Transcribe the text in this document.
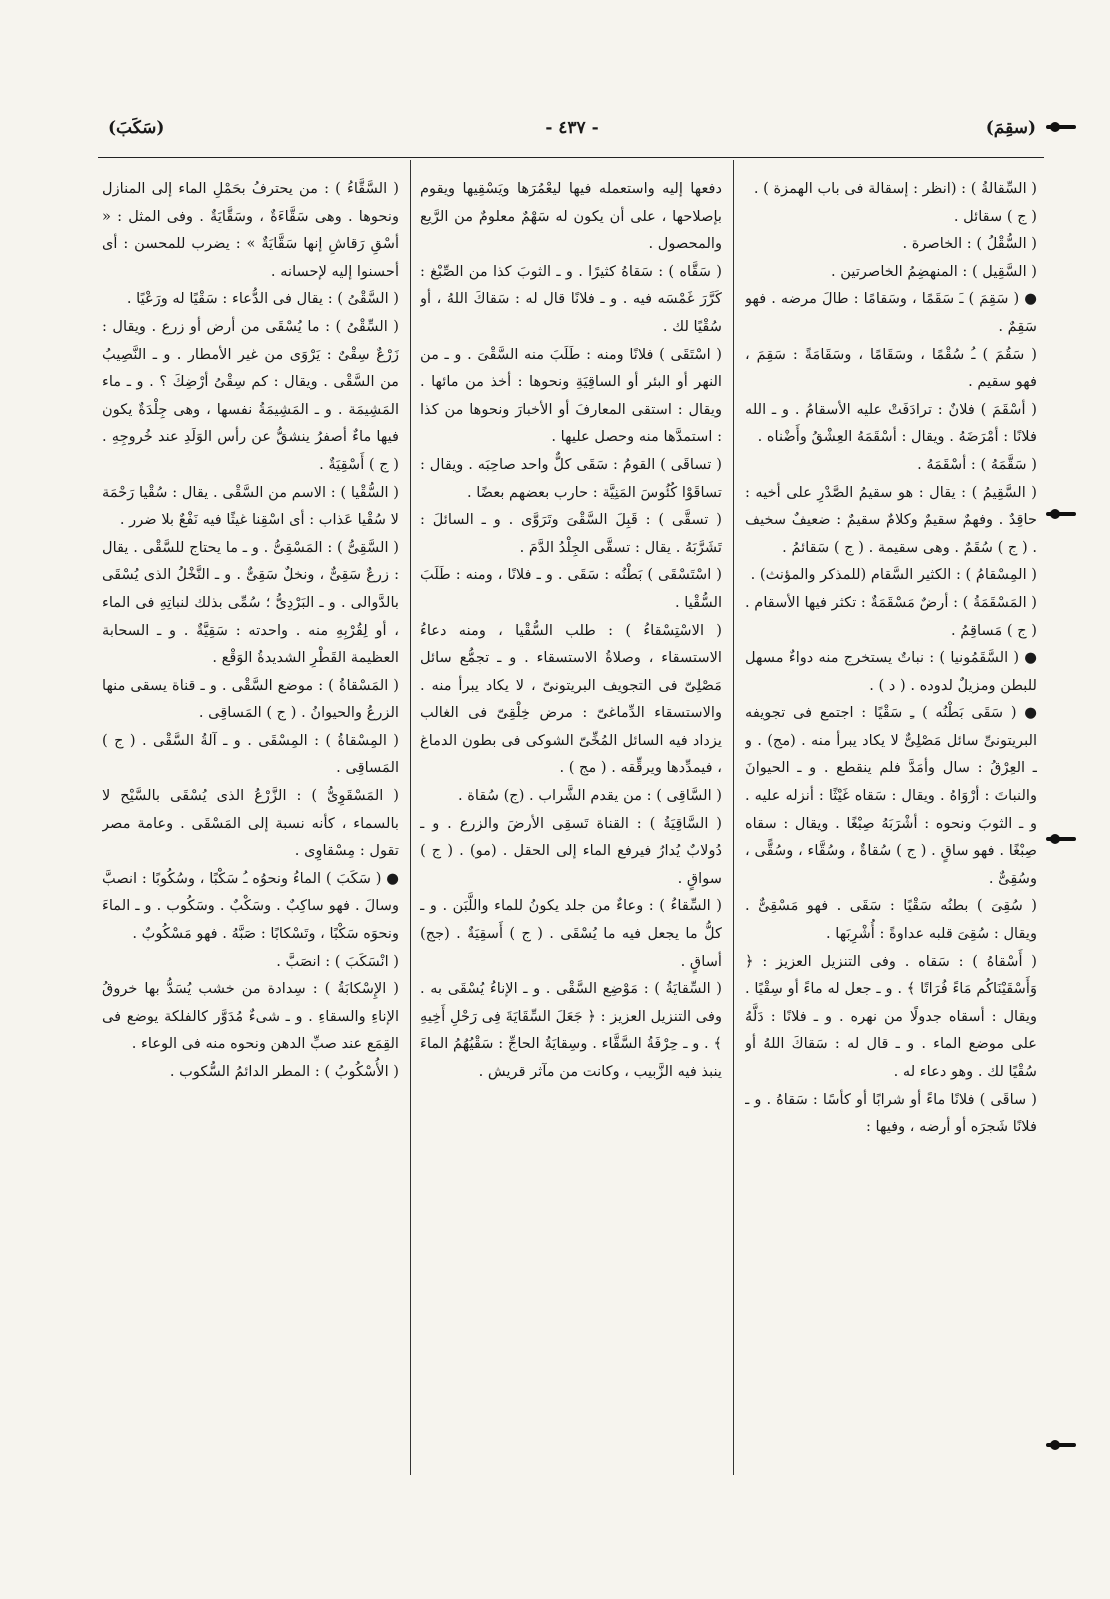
(سقِمَ)
- ٤٣٧ -
(سَكَبَ)

( السِّقالةُ ) : (انظر : إسقالة فى باب الهمزة ) .

( ج ) سقائل .

( السُّقْلُ ) : الخاصرة .

( السَّقِيل ) : المنهضِمُ الخاصرتين .

● ( سَقِمَ ) ـَ سَقَمًا ، وسَقامًا : طالَ مرضه . فهو سَقِمٌ .

( سَقُمَ ) ـُ سُقْمًا ، وسَقَامًا ، وسَقَامَةً : سَقِمَ ، فهو سقيم .

( أسْقَمَ ) فلانٌ : ترادَفَتْ عليه الأسقامُ . و ـ الله فلانًا : أمْرَضَهُ . ويقال : أسْقَمَهُ العِشْقُ وأَضْناه .

( سَقَّمَهُ ) : أسْقَمَهُ .

( السَّقِيمُ ) : يقال : هو سقيمُ الصَّدْرِ على أخيه : حاقِدٌ . وفهمٌ سقيمٌ وكلامٌ سقيمٌ : ضعيفٌ سخيف . ( ج ) سُقَمٌ . وهى سقيمة . ( ج ) سَقائمُ .

( المِسْقامُ ) : الكثير السَّقام (للمذكر والمؤنث) .

( المَسْقَمَةُ ) : أرضٌ مَسْقَمَةٌ : تكثر فيها الأسقام . ( ج ) مَساقِمُ .

● ( السَّقَمُونيا ) : نباتٌ يستخرج منه دواءٌ مسهل للبطن ومزيلٌ لدوده . ( د ) .

● ( سَقَى بَطْنُه ) ـِ سَقْيًا : اجتمع فى تجويفه البريتونىِّ سائل مَصْلِىٌّ لا يكاد يبرأ منه . (مج) . و ـ العِرْقُ : سال وأمَدَّ فلم ينقطع . و ـ الحيوانَ والنباتَ : أرْوَاهُ . ويقال : سَقاه غَيْثًا : أنزله عليه . و ـ الثوبَ ونحوه : أشْرَبَهُ صِبْغًا . ويقال : سقاه صِبْغًا . فهو ساقٍ . ( ج ) سُقاةٌ ، وسُقَّاء ، وسُقًّى ، وسُقِىٌّ .

( سُقِىَ ) بطنُه سَقْيًا : سَقَى . فهو مَسْقِىٌّ . ويقال : سُقِىَ قلبه عداوةً : أُشْرِبَها .

( أَسْقاهُ ) : سَقاه . وفى التنزيل العزيز : ﴿ وَأَسْقَيْنَاكُم مَاءً فُرَاتًا ﴾ . و ـ جعل له ماءً أو سِقْيًا . ويقال : أسقاه جدولًا من نهره . و ـ فلانًا : دَلَّهُ على موضع الماء . و ـ قال له : سَقاكَ اللهُ أو سُقْيًا لك . وهو دعاء له .

( ساقَى ) فلانًا ماءً أو شرابًا أو كأسًا : سَقاهُ . و ـ فلانًا شَجرَه أو أرضه ، وفيها :

دفعها إليه واستعمله فيها ليعْمُرَها ويَسْقِيها ويقوم بإصلاحها ، على أن يكون له سَهْمٌ معلومٌ من الرَّيع والمحصول .

( سَقَّاه ) : سَقاهُ كثيرًا . و ـ الثوبَ كذا من الصِّبْغ : كَرَّرَ غَمْسَه فيه . و ـ فلانًا قال له : سَقاكَ اللهُ ، أو سُقْيًا لك .

( اسْتَقَى ) فلانًا ومنه : طَلَبَ منه السَّقْىَ . و ـ من النهر أو البئر أو الساقِيَةِ ونحوها : أخذ من مائها . ويقال : استقى المعارفَ أو الأخبارَ ونحوها من كذا : استمدَّها منه وحصل عليها .

( تساقَى ) القومُ : سَقَى كلٌّ واحد صاحِبَه . ويقال : تساقَوْا كُئُوسَ المَنِيَّة : حارب بعضهم بعضًا .

( تسقَّى ) : قَبِلَ السَّقْىَ وتَرَوَّى . و ـ السائلَ : تَشَرَّبَهُ . يقال : تسقَّى الجِلْدُ الدَّمَ .

( اسْتَسْقَى ) بَطْنُه : سَقَى . و ـ فلانًا ، ومنه : طَلَبَ السُّقْيا .

( الاسْتِسْقاءُ ) : طلب السُّقْيا ، ومنه دعاءُ الاستسقاء ، وصلاةُ الاستسقاء . و ـ تجمُّع سائل مَصْلِىّ فى التجويف البريتونىّ ، لا يكاد يبرأ منه . والاستسقاء الدِّماغىّ : مرض خِلْقِىّ فى الغالب يزداد فيه السائل المُخِّىّ الشوكى فى بطون الدماغ ، فيمدِّدها ويرقِّقه . ( مج ) .

( السَّاقِى ) : من يقدم الشَّراب . (ج) سُقاة .

( السَّاقِيَةُ ) : القناة تَسقِى الأرضَ والزرع . و ـ دُولابٌ يُدارُ فيرفع الماء إلى الحقل . (مو) . ( ج ) سواقٍ .

( السِّقاءُ ) : وعاءٌ من جلد يكونُ للماء واللَّبَن . و ـ كلُّ ما يجعل فيه ما يُسْقَى . ( ج ) أَسقِيَةٌ . (جج) أساقٍ .

( السِّقايَةُ ) : مَوْضِع السَّقْى . و ـ الإناءُ يُسْقَى به . وفى التنزيل العزيز : ﴿ جَعَلَ السِّقَايَةَ فِى رَحْلِ أَخِيهِ ﴾ . و ـ حِرْفَةُ السَّقَّاء . وسِقايَةُ الحاجِّ : سَقْيُهُمُ الماءَ ينبذ فيه الزَّبيب ، وكانت من مآثر قريش .

( السَّقَّاءُ ) : من يحترفُ بحَمْلِ الماء إلى المنازل ونحوها . وهى سَقَّاءَةٌ ، وسَقَّايَةٌ . وفى المثل : « أسْقِ رَقاشِ إنها سَقَّايَةٌ » : يضرب للمحسن : أى أحسنوا إليه لإحسانه .

( السَّقْىُ ) : يقال فى الدُّعاء : سَقْيًا له ورَعْيًا .

( السِّقْىُ ) : ما يُسْقَى من أرض أو زرع . ويقال : زَرْعٌ سِقْىٌ : يَرْوَى من غير الأمطار . و ـ النَّصِيبُ من السَّقْى . ويقال : كم سِقْىُ أرْضِكَ ؟ . و ـ ماء المَشِيمَة . و ـ المَشِيمَةُ نفسها ، وهى جِلْدَةٌ يكون فيها ماءٌ أصفرُ ينشقُّ عن رأس الوَلَدِ عند خُروجِهِ . ( ج ) أَسْقِيَةٌ .

( السُّقْيا ) : الاسم من السَّقْى . يقال : سُقْيا رَحْمَة لا سُقْيا عَذاب : أى اسْقِنا غيثًا فيه نَفْعٌ بلا ضرر .

( السَّقِىُّ ) : المَسْقِىُّ . و ـ ما يحتاج للسَّقْى . يقال : زرعٌ سَقِىٌّ ، ونخلٌ سَقِىٌّ . و ـ النَّخْلُ الذى يُسْقَى بالدَّوالى . و ـ البَرْدِىُّ ؛ سُمِّى بذلك لنباتِهِ فى الماء ، أو لِقُرْبِهِ منه . واحدته : سَقِيَّةٌ . و ـ السحابة العظيمة القَطْرِ الشديدةُ الوَقْع .

( المَسْقاةُ ) : موضع السَّقْى . و ـ قناة يسقى منها الزرعُ والحيوانُ . ( ج ) المَساقِى .

( المِسْقاةُ ) : المِسْقَى . و ـ آلةُ السَّقْى . ( ج ) المَساقِى .

( المَسْقَوِىُّ ) : الزَّرْعُ الذى يُسْقَى بالسَّيْح لا بالسماء ، كأنه نسبة إلى المَسْقَى . وعامة مصر تقول : مِسْقاوِى .

● ( سَكَبَ ) الماءُ ونحوُه ـُ سَكْبًا ، وسُكُوبًا : انصبَّ وسالَ . فهو ساكِبٌ . وسَكْبٌ . وسَكُوب . و ـ الماءَ ونحوَه سَكْبًا ، وتَسْكابًا : صَبَّهُ . فهو مَسْكُوبٌ .

( انْسَكَبَ ) : انصَبَّ .

( الإِسْكابَةُ ) : سِدادة من خشب يُسَدُّ بها خروقُ الإناءِ والسقاءِ . و ـ شىءٌ مُدَوَّر كالفلكة يوضع فى القِمَع عند صبِّ الدهن ونحوه منه فى الوعاء .

( الأُسْكُوبُ ) : المطر الدائمُ السُّكوب .
